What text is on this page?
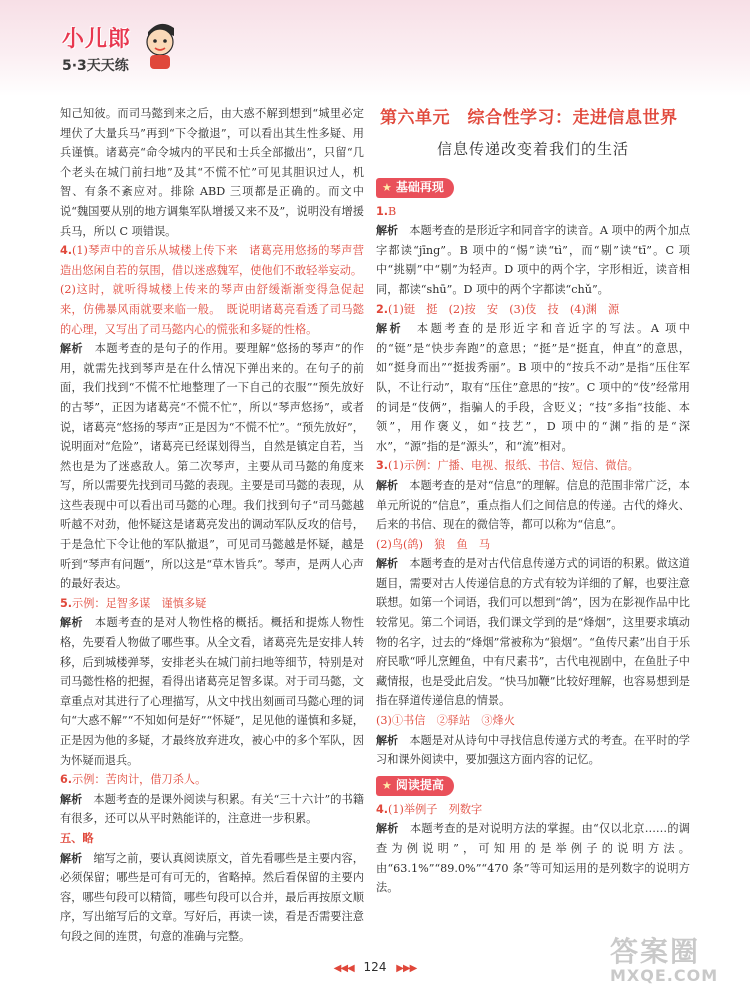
小儿郎
5·3天天练

知己知彼。而司马懿到来之后，由大惑不解到想到“城里必定埋伏了大量兵马”再到“下令撤退”，可以看出其生性多疑、用兵谨慎。诸葛亮“命令城内的平民和士兵全部撤出”，只留“几个老头在城门前扫地”及其“不慌不忙”可见其胆识过人，机智、有条不紊应对。排除 ABD 三项都是正确的。而文中说“魏国要从别的地方调集军队增援又来不及”，说明没有增援兵马，所以 C 项错误。

4.(1)琴声中的音乐从城楼上传下来　诸葛亮用悠扬的琴声营造出悠闲自若的氛围，借以迷惑魏军，使他们不敢轻举妄动。

(2)这时，就听得城楼上传来的琴声由舒缓渐渐变得急促起来，仿佛暴风雨就要来临一般。　既说明诸葛亮看透了司马懿的心理，又写出了司马懿内心的慌张和多疑的性格。

解析　 本题考查的是句子的作用。要理解“悠扬的琴声”的作用，就需先找到琴声是在什么情况下弹出来的。在句子的前面，我们找到“不慌不忙地整理了一下自己的衣服”“预先放好的古琴”，正因为诸葛亮“不慌不忙”，所以“琴声悠扬”，或者说，诸葛亮“悠扬的琴声”正是因为“不慌不忙”。“预先放好”，说明面对“危险”，诸葛亮已经谋划得当，自然是镇定自若，当然也是为了迷惑敌人。第二次琴声，主要从司马懿的角度来写，所以需要先找到司马懿的表现。主要是司马懿的表现，从这些表现中可以看出司马懿的心理。我们找到句子“司马懿越听越不对劲，他怀疑这是诸葛亮发出的调动军队反攻的信号，于是急忙下令让他的军队撤退”，可见司马懿越是怀疑，越是听到“琴声有问题”，所以这是“草木皆兵”。琴声，是两人心声的最好表达。

5.示例：足智多谋　谨慎多疑

解析　 本题考查的是对人物性格的概括。概括和提炼人物性格，先要看人物做了哪些事。从全文看，诸葛亮先是安排人转移，后到城楼弹琴，安排老头在城门前扫地等细节，特别是对司马懿性格的把握，看得出诸葛亮足智多谋。对于司马懿，文章重点对其进行了心理描写，从文中找出刻画司马懿心理的词句“大惑不解”“不知如何是好”“怀疑”，足见他的谨慎和多疑，正是因为他的多疑，才最终放弃进攻，被心中的多个军队，因为怀疑而退兵。

6.示例：苦肉计，借刀杀人。

解析　 本题考查的是课外阅读与积累。有关“三十六计”的书籍有很多，还可以从平时熟能详的，注意进一步积累。

五、略

解析　 缩写之前，要认真阅读原文，首先看哪些是主要内容，必须保留；哪些是可有可无的，省略掉。然后看保留的主要内容，哪些句段可以精简，哪些句段可以合并，最后再按原文顺序，写出缩写后的文章。写好后，再读一读，看是否需要注意句段之间的连贯，句意的准确与完整。

第六单元　综合性学习：走进信息世界
信息传递改变着我们的生活
★ 基础再现

1.B

解析　 本题考查的是形近字和同音字的读音。A 项中的两个加点字都读“jīng”。B 项中的“惕”读“tì”，而“剔”读“tī”。C 项中“挑剔”中“剔”为轻声。D 项中的两个字，字形相近，读音相同，都读“shū”。D 项中的两个字都读“chǔ”。

2.(1)铤　挺　(2)按　安　(3)伎　技　(4)渊　源

解析　 本题考查的是形近字和音近字的写法。A 项中的“铤”是“快步奔跑”的意思；“挺”是“挺直，伸直”的意思，如“挺身而出”“挺拔秀丽”。B 项中的“按兵不动”是指“压住军队，不让行动”，取有“压住”意思的“按”。C 项中的“伎”经常用的词是“伎俩”，指骗人的手段，含贬义；“技”多指“技能、本领”，用作褒义，如“技艺”，D 项中的“渊”指的是“深水”，“源”指的是“源头”，和“流”相对。

3.(1)示例：广播、电视、报纸、书信、短信、微信。

解析　 本题考查的是对“信息”的理解。信息的范围非常广泛，本单元所说的“信息”，重点指人们之间信息的传递。古代的烽火、后来的书信、现在的微信等，都可以称为“信息”。

(2)鸟(鸽)　狼　鱼　马

解析　 本题考查的是对古代信息传递方式的词语的积累。做这道题目，需要对古人传递信息的方式有较为详细的了解，也要注意联想。如第一个词语，我们可以想到“鸽”，因为在影视作品中比较常见。第二个词语，我们课文学到的是“烽烟”，这里要求填动物的名字，过去的“烽烟”常被称为“狼烟”。“鱼传尺素”出自于乐府民歌“呼儿烹鲤鱼，中有尺素书”，古代电视剧中，在鱼肚子中藏情报，也是受此启发。“快马加鞭”比较好理解，也容易想到是指在驿道传递信息的情景。

(3)①书信　②驿站　③烽火

解析　 本题是对从诗句中寻找信息传递方式的考查。在平时的学习和课外阅读中，要加强这方面内容的记忆。

★ 阅读提高

4.(1)举例子　列数字

解析　 本题考查的是对说明方法的掌握。由“仅以北京……的调查为例说明”，可知用的是举例子的说明方法。由“63.1%”“89.0%”“470 条”等可知运用的是列数字的说明方法。

◀◀◀ 124 ▶▶▶
答案圈
MXQE.COM
